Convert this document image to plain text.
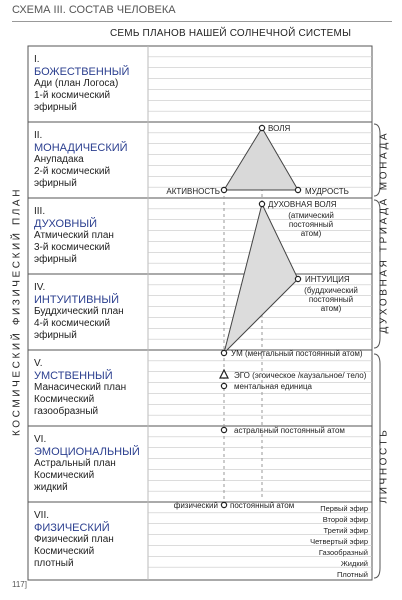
СХЕМА III. СОСТАВ ЧЕЛОВЕКА
СЕМЬ ПЛАНОВ НАШЕЙ СОЛНЕЧНОЙ СИСТЕМЫ
I.
БОЖЕСТВЕННЫЙ
Ади (план Логоса)
1-й космический
эфирный
II.
МОНАДИЧЕСКИЙ
Анупадака
2-й космический
эфирный
III.
ДУХОВНЫЙ
Атмический план
3-й космический
эфирный
IV.
ИНТУИТИВНЫЙ
Буддхический план
4-й космический
эфирный
V.
УМСТВЕННЫЙ
Манасический план
Космический
газообразный
VI.
ЭМОЦИОНАЛЬНЫЙ
Астральный план
Космический
жидкий
VII.
ФИЗИЧЕСКИЙ
Физический план
Космический
плотный
КОСМИЧЕСКИЙ ФИЗИЧЕСКИЙ ПЛАН
МОНАДА
ДУХОВНАЯ ТРИАДА
ЛИЧНОСТЬ
ВОЛЯ
АКТИВНОСТЬ	МУДРОСТЬ
ДУХОВНАЯ ВОЛЯ
(атмический
постоянный
атом)
ИНТУИЦИЯ
(буддхический
постоянный
атом)
УМ (ментальный постоянный атом)
ЭГО (эгоическое /каузальное/ тело)
ментальная единица
астральный постоянный атом
физический постоянный атом	Первый эфир
Второй эфир
Третий эфир
Четвертый эфир
Газообразный
Жидкий
Плотный
117]
